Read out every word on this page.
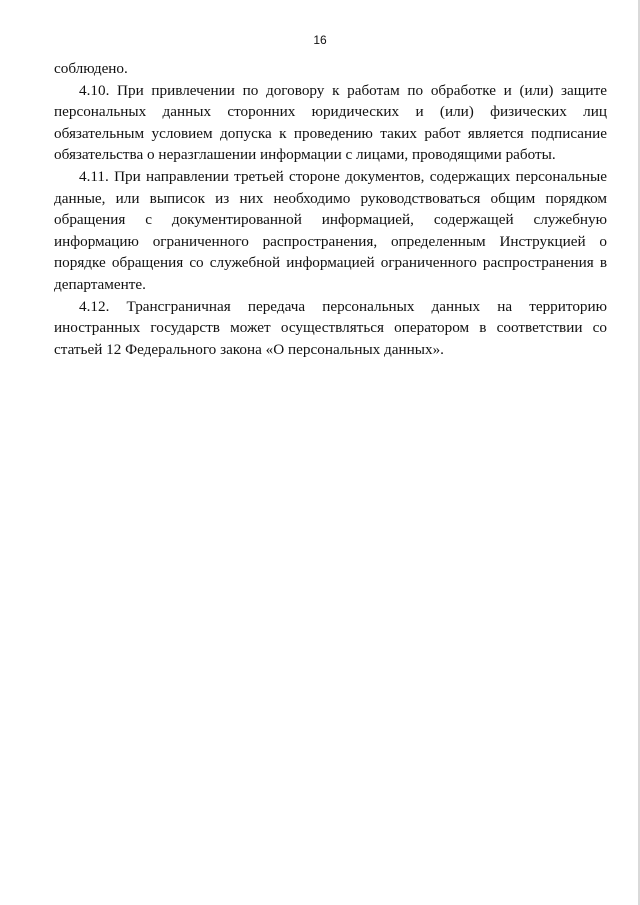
16

соблюдено.

4.10. При привлечении по договору к работам по обработке и (или) защите персональных данных сторонних юридических и (или) физических лиц обязательным условием допуска к проведению таких работ является подписание обязательства о неразглашении информации с лицами, проводящими работы.

4.11. При направлении третьей стороне документов, содержащих персональные данные, или выписок из них необходимо руководствоваться общим порядком обращения с документированной информацией, содержащей служебную информацию ограниченного распространения, определенным Инструкцией о порядке обращения со служебной информацией ограниченного распространения в департаменте.

4.12. Трансграничная передача персональных данных на территорию иностранных государств может осуществляться оператором в соответствии со статьей 12 Федерального закона «О персональных данных».
